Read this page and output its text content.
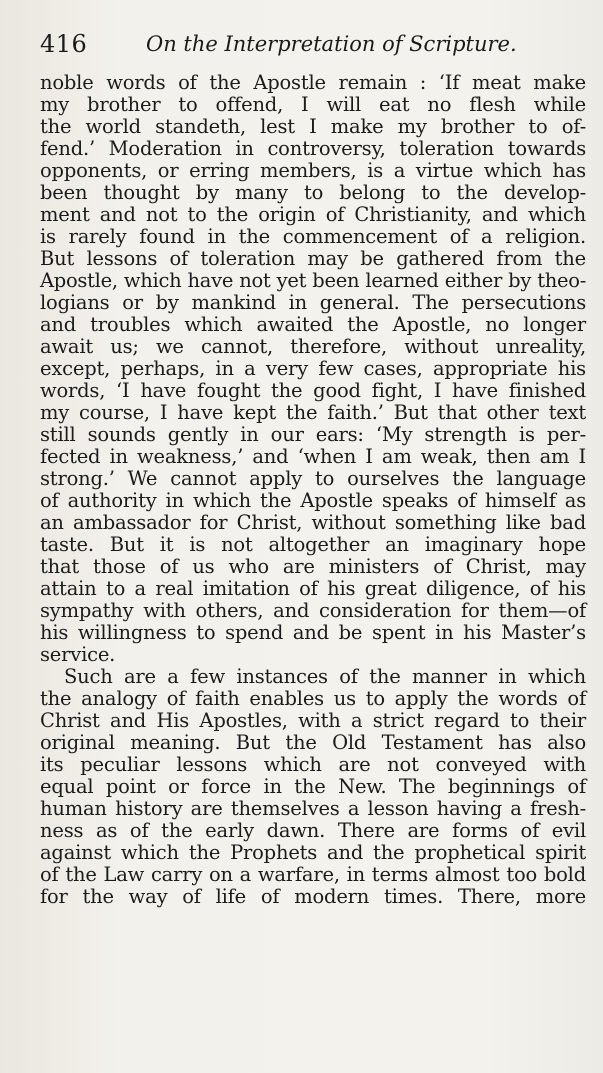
416	On the Interpretation of Scripture.
noble words of the Apostle remain : ‘If meat make
my brother to offend, I will eat no flesh while
the world standeth, lest I make my brother to of-
fend.’ Moderation in controversy, toleration towards
opponents, or erring members, is a virtue which has
been thought by many to belong to the develop-
ment and not to the origin of Christianity, and which
is rarely found in the commencement of a religion.
But lessons of toleration may be gathered from the
Apostle, which have not yet been learned either by theo-
logians or by mankind in general. The persecutions
and troubles which awaited the Apostle, no longer
await us; we cannot, therefore, without unreality,
except, perhaps, in a very few cases, appropriate his
words, ‘I have fought the good fight, I have finished
my course, I have kept the faith.’ But that other text
still sounds gently in our ears: ‘My strength is per-
fected in weakness,’ and ‘when I am weak, then am I
strong.’ We cannot apply to ourselves the language
of authority in which the Apostle speaks of himself as
an ambassador for Christ, without something like bad
taste. But it is not altogether an imaginary hope
that those of us who are ministers of Christ, may
attain to a real imitation of his great diligence, of his
sympathy with others, and consideration for them—of
his willingness to spend and be spent in his Master’s
service.
Such are a few instances of the manner in which
the analogy of faith enables us to apply the words of
Christ and His Apostles, with a strict regard to their
original meaning. But the Old Testament has also
its peculiar lessons which are not conveyed with
equal point or force in the New. The beginnings of
human history are themselves a lesson having a fresh-
ness as of the early dawn. There are forms of evil
against which the Prophets and the prophetical spirit
of the Law carry on a warfare, in terms almost too bold
for the way of life of modern times. There, more
